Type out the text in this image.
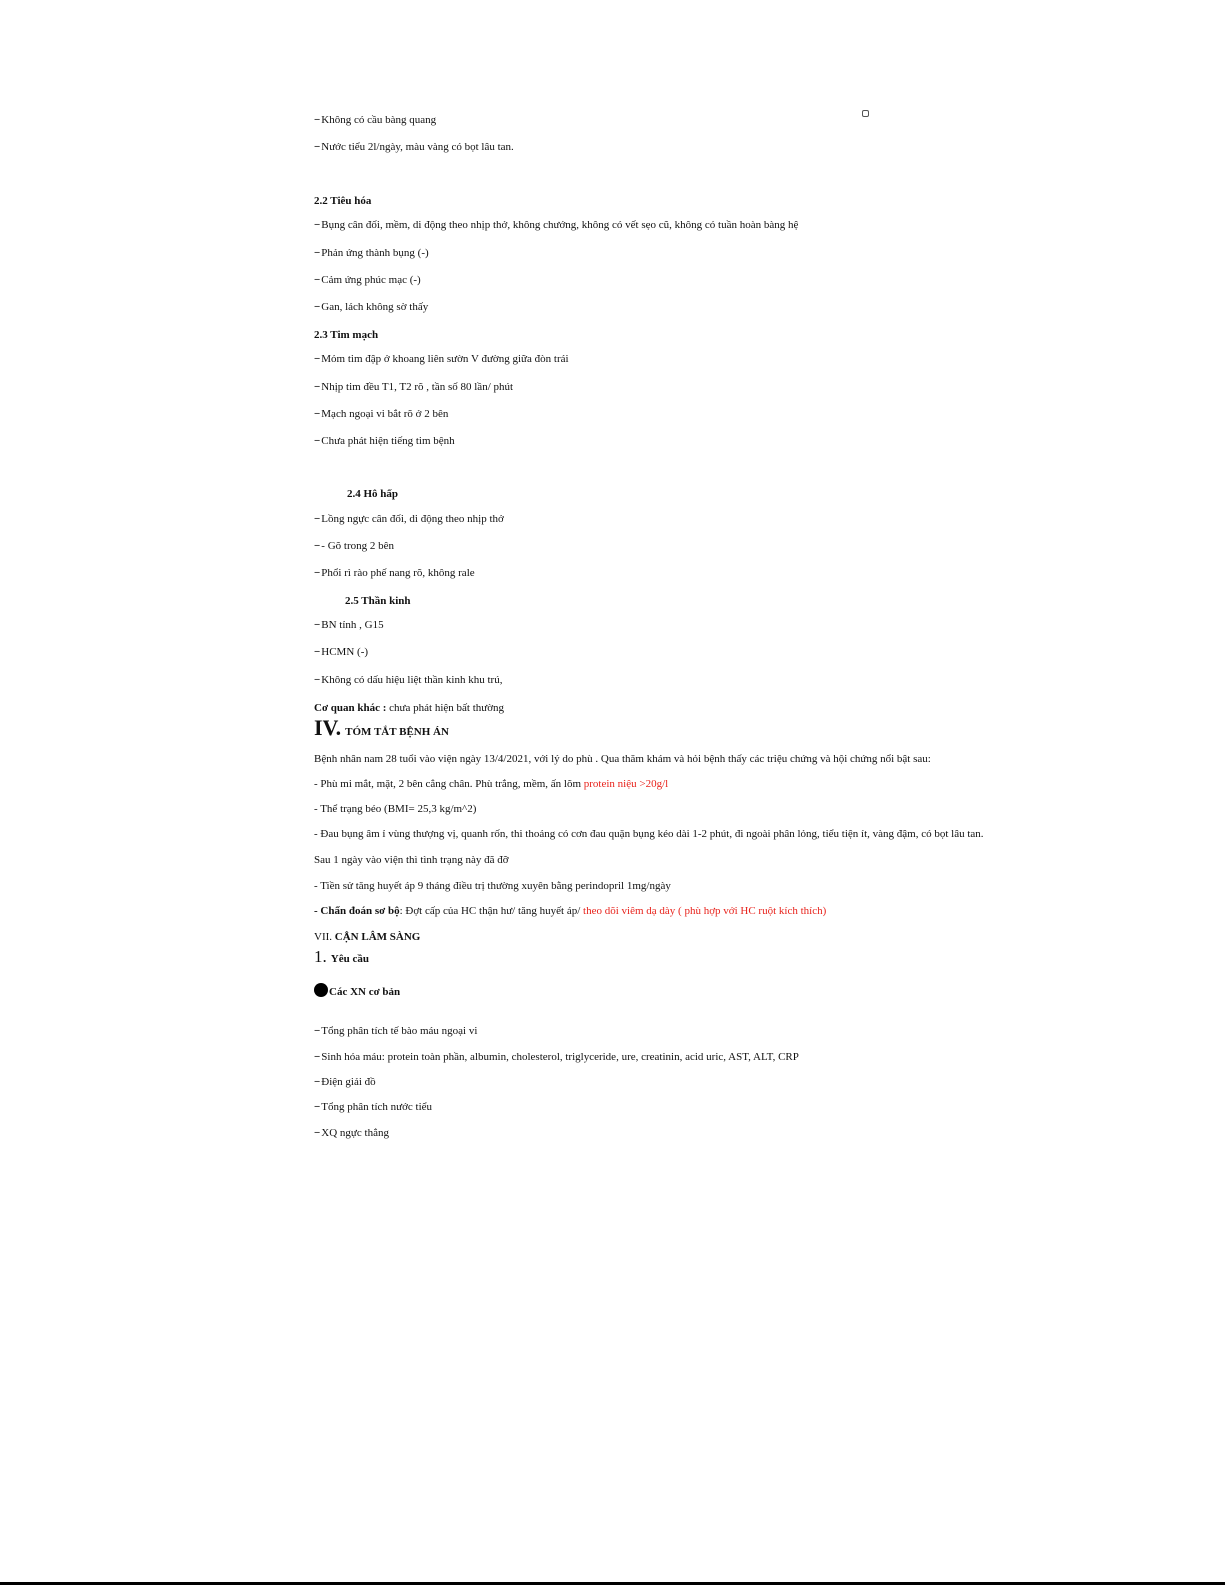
−Không có cầu bàng quang
−Nước tiểu 2l/ngày, màu vàng có bọt lâu tan.
2.2 Tiêu hóa
−Bụng cân đối, mềm, di động theo nhịp thở, không chướng, không có vết sẹo cũ, không có tuần hoàn bàng hệ
−Phản ứng thành bụng (-)
−Cảm ứng phúc mạc (-)
−Gan, lách không sờ thấy
2.3 Tim mạch
−Mỏm tim đập ở khoang liên sườn V đường giữa đòn trái
−Nhịp tim đều T1, T2 rõ , tần số 80 lần/ phút
−Mạch ngoại vi bắt rõ ở 2 bên
−Chưa phát hiện tiếng tim bệnh
2.4 Hô hấp
−Lồng ngực cân đối, di động theo nhịp thở
−- Gõ trong 2 bên
−Phổi rì rào phế nang rõ, không rale
2.5 Thần kinh
−BN tỉnh , G15
−HCMN (-)
−Không có dấu hiệu liệt thần kinh khu trú,
Cơ quan khác : chưa phát hiện bất thường
IV. TÓM TẮT BỆNH ÁN
Bệnh nhân nam 28 tuổi vào viện ngày 13/4/2021, với lý do phù . Qua thăm khám và hỏi bệnh thấy các triệu chứng và hội chứng nổi bật sau:
- Phù mi mắt, mặt, 2 bên cẳng chân. Phù trắng, mềm, ấn lõm protein niệu >20g/l
- Thể trạng béo (BMI= 25,3 kg/m^2)
- Đau bụng âm ỉ vùng thượng vị, quanh rốn, thi thoảng có cơn đau quặn bụng kéo dài 1-2 phút, đi ngoài phân lỏng, tiểu tiện ít, vàng đậm, có bọt lâu tan.
Sau 1 ngày vào viện thì tình trạng này đã đỡ
- Tiền sử tăng huyết áp 9 tháng điều trị thường xuyên bằng perindopril 1mg/ngày
- Chẩn đoán sơ bộ: Đợt cấp của HC thận hư/ tăng huyết áp/ theo dõi viêm dạ dày ( phù hợp với HC ruột kích thích)
VII. CẬN LÂM SÀNG
1. Yêu cầu
Các XN cơ bản
−Tổng phân tích tế bào máu ngoại vi
−Sinh hóa máu: protein toàn phần, albumin, cholesterol, triglyceride, ure, creatinin, acid uric, AST, ALT, CRP
−Điện giải đồ
−Tổng phân tích nước tiểu
−XQ ngực thẳng
